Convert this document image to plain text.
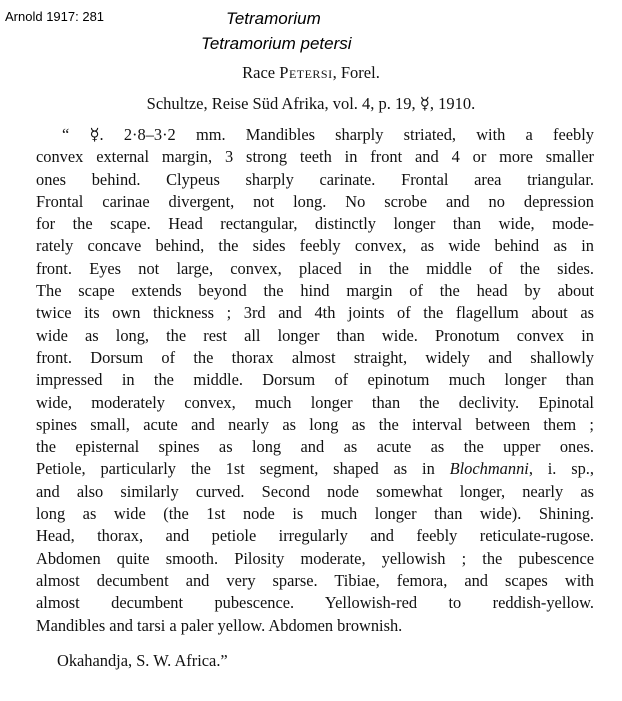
Arnold 1917: 281	Tetramorium
Tetramorium petersi
Race Petersi, Forel.
Schultze, Reise Süd Afrika, vol. 4, p. 19, ☿, 1910.
“ ☿. 2·8–3·2 mm. Mandibles sharply striated, with a feebly
convex external margin, 3 strong teeth in front and 4 or more smaller
ones behind. Clypeus sharply carinate. Frontal area triangular.
Frontal carinae divergent, not long. No scrobe and no depression
for the scape. Head rectangular, distinctly longer than wide, mode-
rately concave behind, the sides feebly convex, as wide behind as in
front. Eyes not large, convex, placed in the middle of the sides.
The scape extends beyond the hind margin of the head by about
twice its own thickness ; 3rd and 4th joints of the flagellum about as
wide as long, the rest all longer than wide. Pronotum convex in
front. Dorsum of the thorax almost straight, widely and shallowly
impressed in the middle. Dorsum of epinotum much longer than
wide, moderately convex, much longer than the declivity. Epinotal
spines small, acute and nearly as long as the interval between them ;
the episternal spines as long and as acute as the upper ones.
Petiole, particularly the 1st segment, shaped as in Blochmanni, i. sp.,
and also similarly curved. Second node somewhat longer, nearly as
long as wide (the 1st node is much longer than wide). Shining.
Head, thorax, and petiole irregularly and feebly reticulate-rugose.
Abdomen quite smooth. Pilosity moderate, yellowish ; the pubescence
almost decumbent and very sparse. Tibiae, femora, and scapes with
almost decumbent pubescence. Yellowish-red to reddish-yellow.
Mandibles and tarsi a paler yellow. Abdomen brownish.
Okahandja, S. W. Africa.”
